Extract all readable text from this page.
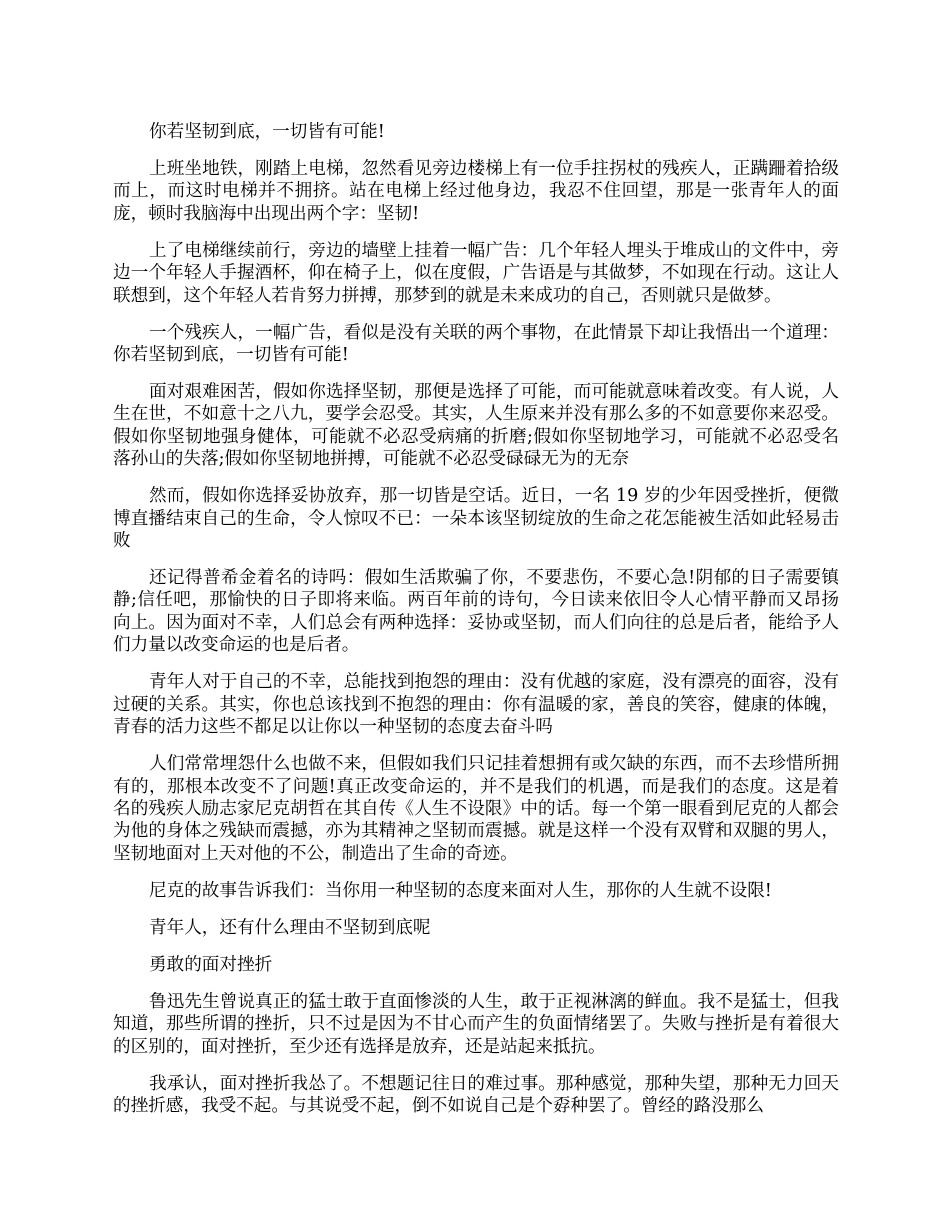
你若坚韧到底，一切皆有可能!

上班坐地铁，刚踏上电梯，忽然看见旁边楼梯上有一位手拄拐杖的残疾人，正蹒跚着拾级而上，而这时电梯并不拥挤。站在电梯上经过他身边，我忍不住回望，那是一张青年人的面庞，顿时我脑海中出现出两个字：坚韧!

上了电梯继续前行，旁边的墙壁上挂着一幅广告：几个年轻人埋头于堆成山的文件中，旁边一个年轻人手握酒杯，仰在椅子上，似在度假，广告语是与其做梦，不如现在行动。这让人联想到，这个年轻人若肯努力拼搏，那梦到的就是未来成功的自己，否则就只是做梦。

一个残疾人，一幅广告，看似是没有关联的两个事物，在此情景下却让我悟出一个道理：你若坚韧到底，一切皆有可能!

面对艰难困苦，假如你选择坚韧，那便是选择了可能，而可能就意味着改变。有人说，人生在世，不如意十之八九，要学会忍受。其实，人生原来并没有那么多的不如意要你来忍受。假如你坚韧地强身健体，可能就不必忍受病痛的折磨;假如你坚韧地学习，可能就不必忍受名落孙山的失落;假如你坚韧地拼搏，可能就不必忍受碌碌无为的无奈

然而，假如你选择妥协放弃，那一切皆是空话。近日，一名 19 岁的少年因受挫折，便微博直播结束自己的生命，令人惊叹不已：一朵本该坚韧绽放的生命之花怎能被生活如此轻易击败

还记得普希金着名的诗吗：假如生活欺骗了你，不要悲伤，不要心急!阴郁的日子需要镇静;信任吧，那愉快的日子即将来临。两百年前的诗句，今日读来依旧令人心情平静而又昂扬向上。因为面对不幸，人们总会有两种选择：妥协或坚韧，而人们向往的总是后者，能给予人们力量以改变命运的也是后者。

青年人对于自己的不幸，总能找到抱怨的理由：没有优越的家庭，没有漂亮的面容，没有过硬的关系。其实，你也总该找到不抱怨的理由：你有温暖的家，善良的笑容，健康的体魄，青春的活力这些不都足以让你以一种坚韧的态度去奋斗吗

人们常常埋怨什么也做不来，但假如我们只记挂着想拥有或欠缺的东西，而不去珍惜所拥有的，那根本改变不了问题!真正改变命运的，并不是我们的机遇，而是我们的态度。这是着名的残疾人励志家尼克胡哲在其自传《人生不设限》中的话。每一个第一眼看到尼克的人都会为他的身体之残缺而震撼，亦为其精神之坚韧而震撼。就是这样一个没有双臂和双腿的男人，坚韧地面对上天对他的不公，制造出了生命的奇迹。

尼克的故事告诉我们：当你用一种坚韧的态度来面对人生，那你的人生就不设限!

青年人，还有什么理由不坚韧到底呢

勇敢的面对挫折

鲁迅先生曾说真正的猛士敢于直面惨淡的人生，敢于正视淋漓的鲜血。我不是猛士，但我知道，那些所谓的挫折，只不过是因为不甘心而产生的负面情绪罢了。失败与挫折是有着很大的区别的，面对挫折，至少还有选择是放弃，还是站起来抵抗。

我承认，面对挫折我怂了。不想题记往日的难过事。那种感觉，那种失望，那种无力回天的挫折感，我受不起。与其说受不起，倒不如说自己是个孬种罢了。曾经的路没那么
